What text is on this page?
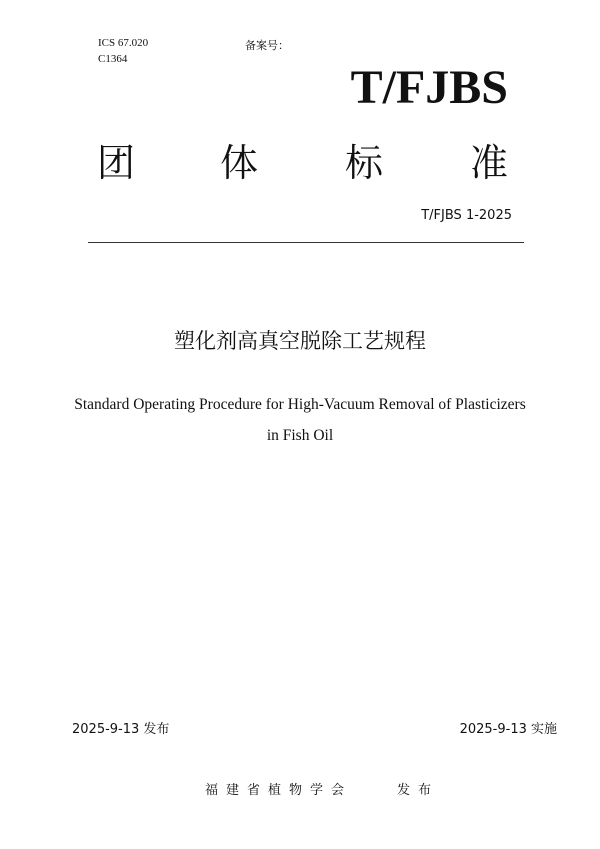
ICS 67.020

C1364

备案号：

T/FJBS

团 体 标 准

T/FJBS 1-2025

塑化剂高真空脱除工艺规程

Standard Operating Procedure for High-Vacuum Removal of Plasticizers

in Fish Oil

2025-9-13 发布	2025-9-13 实施

福建省植物学会	发布
